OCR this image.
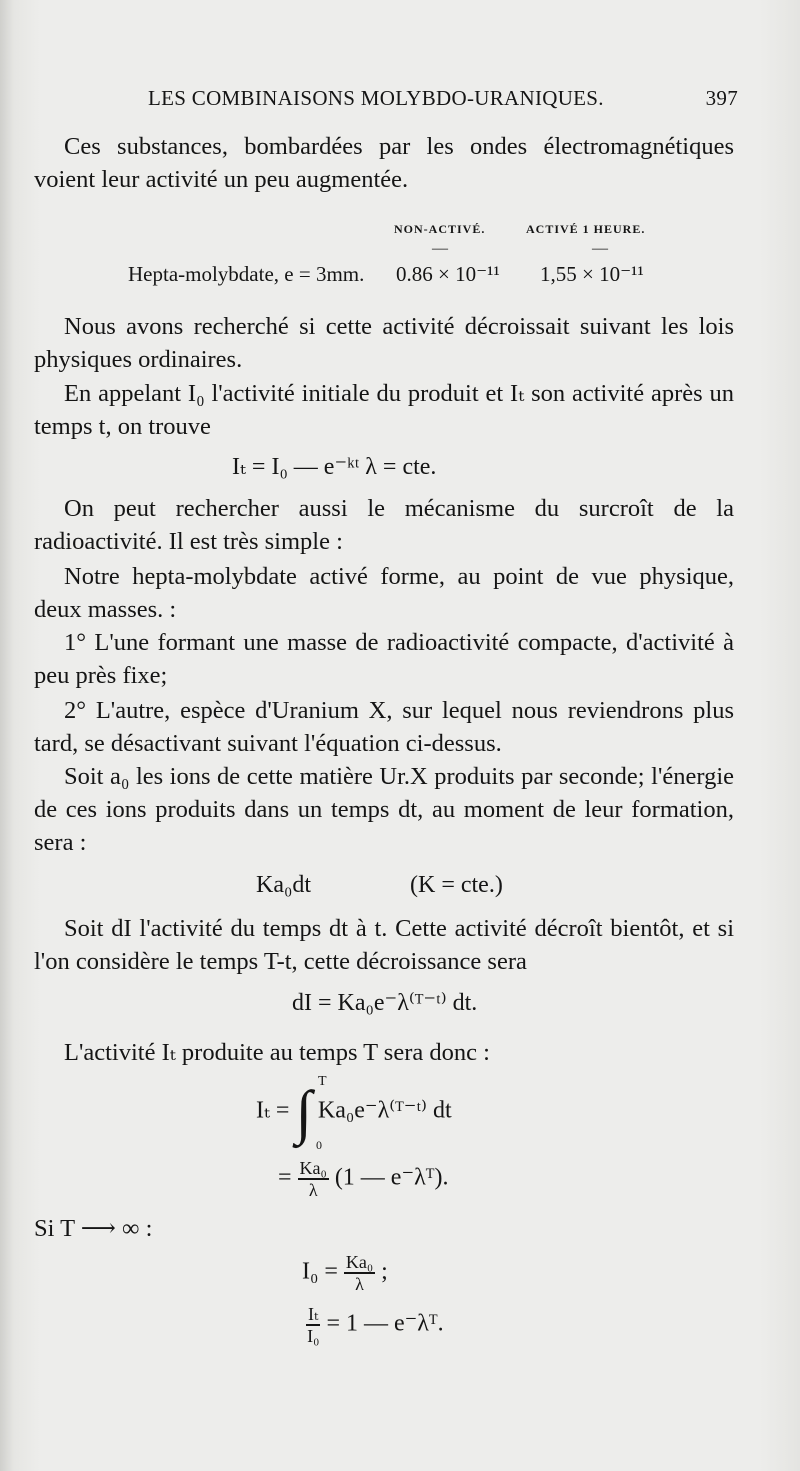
LES COMBINAISONS MOLYBDO-URANIQUES.	397
Ces substances, bombardées par les ondes électromagnétiques voient leur activité un peu augmentée.
NON-ACTIVÉ.	ACTIVÉ 1 HEURE.
—	—
Hepta-molybdate, e = 3mm. 0.86 × 10⁻¹¹ 1,55 × 10⁻¹¹
Nous avons recherché si cette activité décroissait suivant les lois physiques ordinaires.
En appelant I₀ l'activité initiale du produit et Iₜ son activité après un temps t, on trouve
Iₜ = I₀ — e⁻ᵏᵗ λ = cte.
On peut rechercher aussi le mécanisme du surcroît de la radioactivité. Il est très simple :
Notre hepta-molybdate activé forme, au point de vue physique, deux masses. :
1° L'une formant une masse de radioactivité compacte, d'activité à peu près fixe;
2° L'autre, espèce d'Uranium X, sur lequel nous reviendrons plus tard, se désactivant suivant l'équation ci-dessus.
Soit a₀ les ions de cette matière Ur.X produits par seconde; l'énergie de ces ions produits dans un temps dt, au moment de leur formation, sera :
Ka₀dt	(K = cte.)
Soit dI l'activité du temps dt à t. Cette activité décroît bientôt, et si l'on considère le temps T-t, cette décroissance sera
dI = Ka₀e⁻λ⁽ᵀ⁻ᵗ⁾ dt.
L'activité Iₜ produite au temps T sera donc :
Iₜ = ∫ T
0
Ka₀e⁻λ⁽ᵀ⁻ᵗ⁾ dt
= $\frac{\text{Ka₀}}{\lambda} (1$ — e⁻λᵀ).
Si T ⟶ ∞ :
$I_0 = \frac{\text{Ka₀}}{\lambda}$ ;
$\frac{\text{Iₜ}}{\text{I₀}} = 1$ — e⁻λᵀ.
